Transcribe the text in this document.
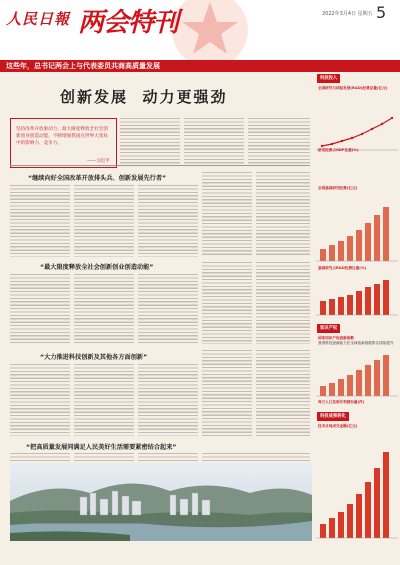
人民日報 两会特刊	2022年3月4日 星期五 5
这些年，总书记两会上与代表委员共商高质量发展
创新发展  动力更强劲
坚持改革开放驱动力，最大限度释放全社会创新创业创造动能，不断增强我国在世界大变局中的影响力、竞争力。
——习近平
“继续向好全国改革开放排头兵、创新发展先行者”
“最大限度释放全社会创新创业创造动能”
“大力推进科技创新及其他各方面创新”
“把高质量发展同满足人民美好生活需要紧密结合起来”
科技投入
全国研究与试验发展(R&D)经费总量(亿元)
研发经费占GDP比重(%)
全国基础研究经费(亿元)
基础研究占R&D经费比重(%)
知识产权
国家知识产权创新指数
我国科技创新能力在全球创新指数排名持续提升
每万人口发明专利拥有量(件)
科技成果转化
技术合同成交金额(亿元)
